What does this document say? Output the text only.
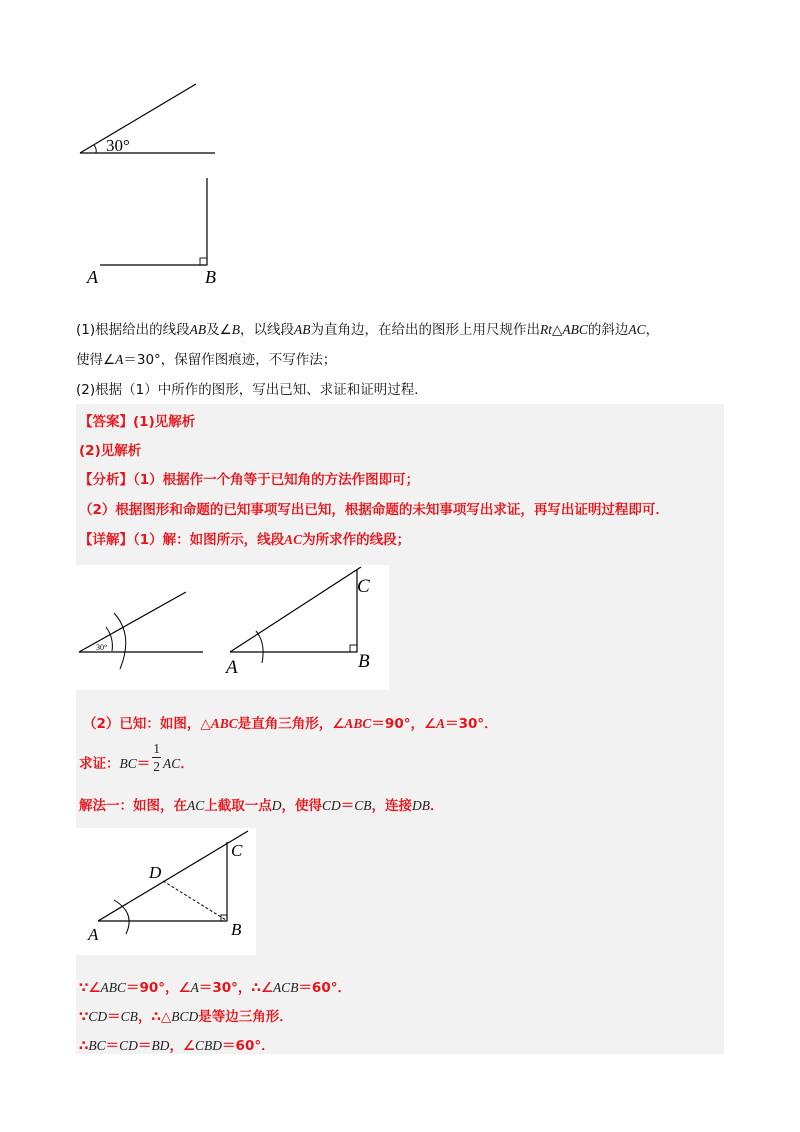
30°
A	B
(1)根据给出的线段AB及∠B，以线段AB为直角边，在给出的图形上用尺规作出Rt△ABC的斜边AC，
使得∠A＝30°，保留作图痕迹，不写作法；
(2)根据（1）中所作的图形，写出已知、求证和证明过程．
【答案】(1)见解析
(2)见解析
【分析】（1）根据作一个角等于已知角的方法作图即可；
（2）根据图形和命题的已知事项写出已知，根据命题的未知事项写出求证，再写出证明过程即可．
【详解】（1）解：如图所示，线段AC为所求作的线段；
30°
A	B
C
（2）已知：如图，△ABC是直角三角形，∠ABC＝90°，∠A＝30°．
求证：$BC= \frac{1}{2}$ AC．
解法一：如图，在AC上截取一点D，使得CD＝CB，连接DB．
A	B
C
D
∵∠ABC＝90°，∠A＝30°，∴∠ACB＝60°．
∵CD＝CB，∴△BCD是等边三角形．
∴BC＝CD＝BD，∠CBD＝60°．
